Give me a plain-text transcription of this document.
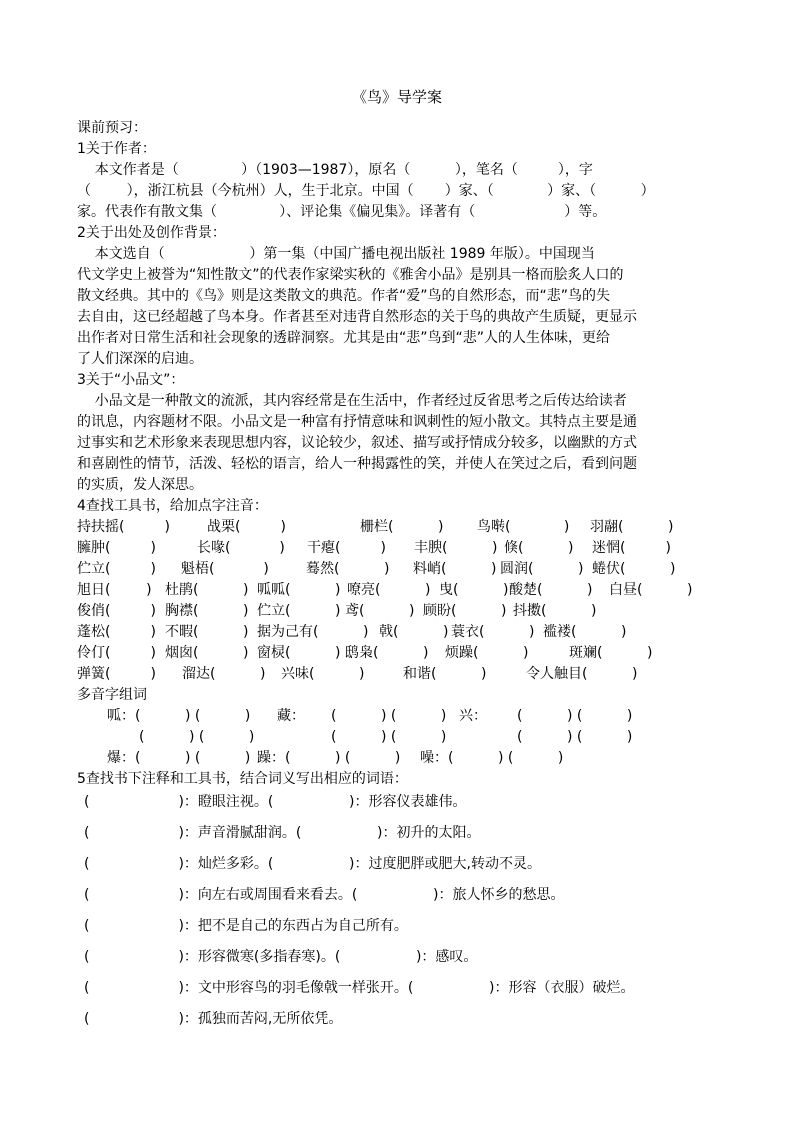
《鸟》导学案
课前预习：
1关于作者：
本文作者是（              ）（1903—1987），原名（          ），笔名（         ），字
（        ），浙江杭县（今杭州）人，生于北京。中国（       ）家、（            ）家、（          ）
家。代表作有散文集（              ）、评论集《偏见集》。译著有（                    ）等。
2关于出处及创作背景：
本文选自（                   ）第一集（中国广播电视出版社 1989 年版）。中国现当
代文学史上被誉为“知性散文”的代表作家梁实秋的《雅舍小品》是别具一格而脍炙人口的
散文经典。其中的《鸟》则是这类散文的典范。作者“爱”鸟的自然形态，而“悲”鸟的失
去自由，这已经超越了鸟本身。作者甚至对违背自然形态的关于鸟的典故产生质疑，更显示
出作者对日常生活和社会现象的透辟洞察。尤其是由“悲”鸟到“悲”人的人生体味，更给
了人们深深的启迪。
3关于“小品文”：
小品文是一种散文的流派，其内容经常是在生活中，作者经过反省思考之后传达给读者
的讯息，内容题材不限。小品文是一种富有抒情意味和讽刺性的短小散文。其特点主要是通
过事实和艺术形象来表现思想内容，议论较少，叙述、描写或抒情成分较多，以幽默的方式
和喜剧性的情节，活泼、轻松的语言，给人一种揭露性的笑，并使人在笑过之后，看到问题
的实质，发人深思。
4查找工具书，给加点字注音：
持扶摇(         )	战栗(         )	栅栏(          ) 鸟啭(            ) 羽翮(          )
臃肿(         )	长喙(           ) 干瘪(         ) 丰腴(          ) 倏(          ) 迷惘(         )
伫立(         ) 魁梧(           )	蓦然(          ) 料峭(          ) 圆润(          ) 蜷伏(          )
旭日(        ) 杜鹃(          ) 呱呱(          ) 嘹亮(          ) 曳(          ) 酸楚(          ) 白昼(          )
俊俏(         ) 胸襟(          ) 伫立(          ) 鸢(          ) 顾盼(          ) 抖擞(          )
蓬松(         ) 不暇(          ) 据为己有(          ) 戟(          ) 蓑衣(          ) 褴褛(          )
伶仃(         ) 烟囱(          ) 窗棂(          ) 鸱枭(          ) 烦躁(          )	斑斓(          )
弹簧(         ) 溜达(          ) 兴味(          )	和谐(          )	令人触目(          )
多音字组词
呱：(          ) (          ) 藏： (          ) (          ) 兴： (          ) (          )
(          ) (          )	(          ) (          )	(          ) (          )
爆：(          ) (          ) 躁：(          ) (          ) 噪：(          ) (          )
5查找书下注释和工具书，结合词义写出相应的词语：
(                    )：瞪眼注视。(                 )：形容仪表雄伟。
(                    )：声音滑腻甜润。(                 )：初升的太阳。
(                    )：灿烂多彩。(                 )：过度肥胖或肥大,转动不灵。
(                    )：向左右或周围看来看去。(                 )：旅人怀乡的愁思。
(                    )：把不是自己的东西占为自己所有。
(                    )：形容微寒(多指春寒)。(                 )：感叹。
(                    )：文中形容鸟的羽毛像戟一样张开。(                 )：形容（衣服）破烂。
(                    )：孤独而苦闷,无所依凭。
